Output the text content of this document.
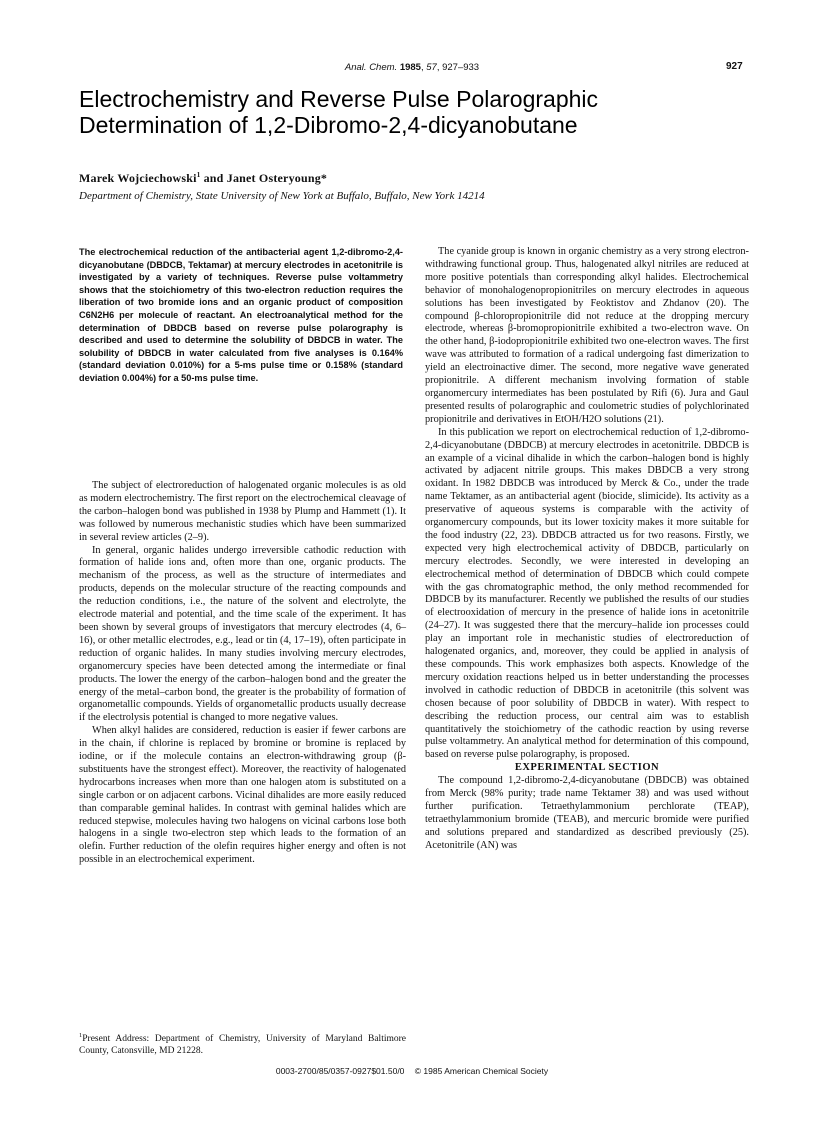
Anal. Chem. 1985, 57, 927–933	927
Electrochemistry and Reverse Pulse Polarographic Determination of 1,2-Dibromo-2,4-dicyanobutane
Marek Wojciechowski$^1$ and Janet Osteryoung*
Department of Chemistry, State University of New York at Buffalo, Buffalo, New York 14214

The electrochemical reduction of the antibacterial agent 1,2-dibromo-2,4-dicyanobutane (DBDCB, Tektamar) at mercury electrodes in acetonitrile is investigated by a variety of techniques. Reverse pulse voltammetry shows that the stoichiometry of this two-electron reduction requires the liberation of two bromide ions and an organic product of composition C6N2H6 per molecule of reactant. An electroanalytical method for the determination of DBDCB based on reverse pulse polarography is described and used to determine the solubility of DBDCB in water. The solubility of DBDCB in water calculated from five analyses is 0.164% (standard deviation 0.010%) for a 5-ms pulse time or 0.158% (standard deviation 0.004%) for a 50-ms pulse time.

The subject of electroreduction of halogenated organic molecules is as old as modern electrochemistry. The first report on the electrochemical cleavage of the carbon–halogen bond was published in 1938 by Plump and Hammett (1). It was followed by numerous mechanistic studies which have been summarized in several review articles (2–9).

In general, organic halides undergo irreversible cathodic reduction with formation of halide ions and, often more than one, organic products. The mechanism of the process, as well as the structure of intermediates and products, depends on the molecular structure of the reacting compounds and the reduction conditions, i.e., the nature of the solvent and electrolyte, the electrode material and potential, and the time scale of the experiment. It has been shown by several groups of investigators that mercury electrodes (4, 6–16), or other metallic electrodes, e.g., lead or tin (4, 17–19), often participate in reduction of organic halides. In many studies involving mercury electrodes, organomercury species have been detected among the intermediate or final products. The lower the energy of the carbon–halogen bond and the greater the energy of the metal–carbon bond, the greater is the probability of formation of organometallic compounds. Yields of organometallic products usually decrease if the electrolysis potential is changed to more negative values.

When alkyl halides are considered, reduction is easier if fewer carbons are in the chain, if chlorine is replaced by bromine or bromine is replaced by iodine, or if the molecule contains an electron-withdrawing group (β-substituents have the strongest effect). Moreover, the reactivity of halogenated hydrocarbons increases when more than one halogen atom is substituted on a single carbon or on adjacent carbons. Vicinal dihalides are more easily reduced than comparable geminal halides. In contrast with geminal halides which are reduced stepwise, molecules having two halogens on vicinal carbons lose both halogens in a single two-electron step which leads to the formation of an olefin. Further reduction of the olefin requires higher energy and often is not possible in an electrochemical experiment.

$^1$Present Address: Department of Chemistry, University of Maryland Baltimore County, Catonsville, MD 21228.

The cyanide group is known in organic chemistry as a very strong electron-withdrawing functional group. Thus, halogenated alkyl nitriles are reduced at more positive potentials than corresponding alkyl halides. Electrochemical behavior of monohalogenopropionitriles on mercury electrodes in aqueous solutions has been investigated by Feoktistov and Zhdanov (20). The compound β-chloropropionitrile did not reduce at the dropping mercury electrode, whereas β-bromopropionitrile exhibited a two-electron wave. On the other hand, β-iodopropionitrile exhibited two one-electron waves. The first wave was attributed to formation of a radical undergoing fast dimerization to yield an electroinactive dimer. The second, more negative wave generated propionitrile. A different mechanism involving formation of stable organomercury intermediates has been postulated by Rifi (6). Jura and Gaul presented results of polarographic and coulometric studies of polychlorinated propionitrile and derivatives in EtOH/H2O solutions (21).

In this publication we report on electrochemical reduction of 1,2-dibromo-2,4-dicyanobutane (DBDCB) at mercury electrodes in acetonitrile. DBDCB is an example of a vicinal dihalide in which the carbon–halogen bond is highly activated by adjacent nitrile groups. This makes DBDCB a very strong oxidant. In 1982 DBDCB was introduced by Merck & Co., under the trade name Tektamer, as an antibacterial agent (biocide, slimicide). Its activity as a preservative of aqueous systems is comparable with the activity of organomercury compounds, but its lower toxicity makes it more suitable for the food industry (22, 23). DBDCB attracted us for two reasons. Firstly, we expected very high electrochemical activity of DBDCB, particularly on mercury electrodes. Secondly, we were interested in developing an electrochemical method of determination of DBDCB which could compete with the gas chromatographic method, the only method recommended for DBDCB by its manufacturer. Recently we published the results of our studies of electrooxidation of mercury in the presence of halide ions in acetonitrile (24–27). It was suggested there that the mercury–halide ion processes could play an important role in mechanistic studies of electroreduction of halogenated organics, and, moreover, they could be applied in analysis of these compounds. This work emphasizes both aspects. Knowledge of the mercury oxidation reactions helped us in better understanding the processes involved in cathodic reduction of DBDCB in acetonitrile (this solvent was chosen because of poor solubility of DBDCB in water). With respect to describing the reduction process, our central aim was to establish quantitatively the stoichiometry of the cathodic reaction by using reverse pulse voltammetry. An analytical method for determination of this compound, based on reverse pulse polarography, is proposed.

EXPERIMENTAL SECTION

The compound 1,2-dibromo-2,4-dicyanobutane (DBDCB) was obtained from Merck (98% purity; trade name Tektamer 38) and was used without further purification. Tetraethylammonium perchlorate (TEAP), tetraethylammonium bromide (TEAB), and mercuric bromide were purified and solutions prepared and standardized as described previously (25). Acetonitrile (AN) was

0003-2700/85/0357-0927$01.50/0 © 1985 American Chemical Society
